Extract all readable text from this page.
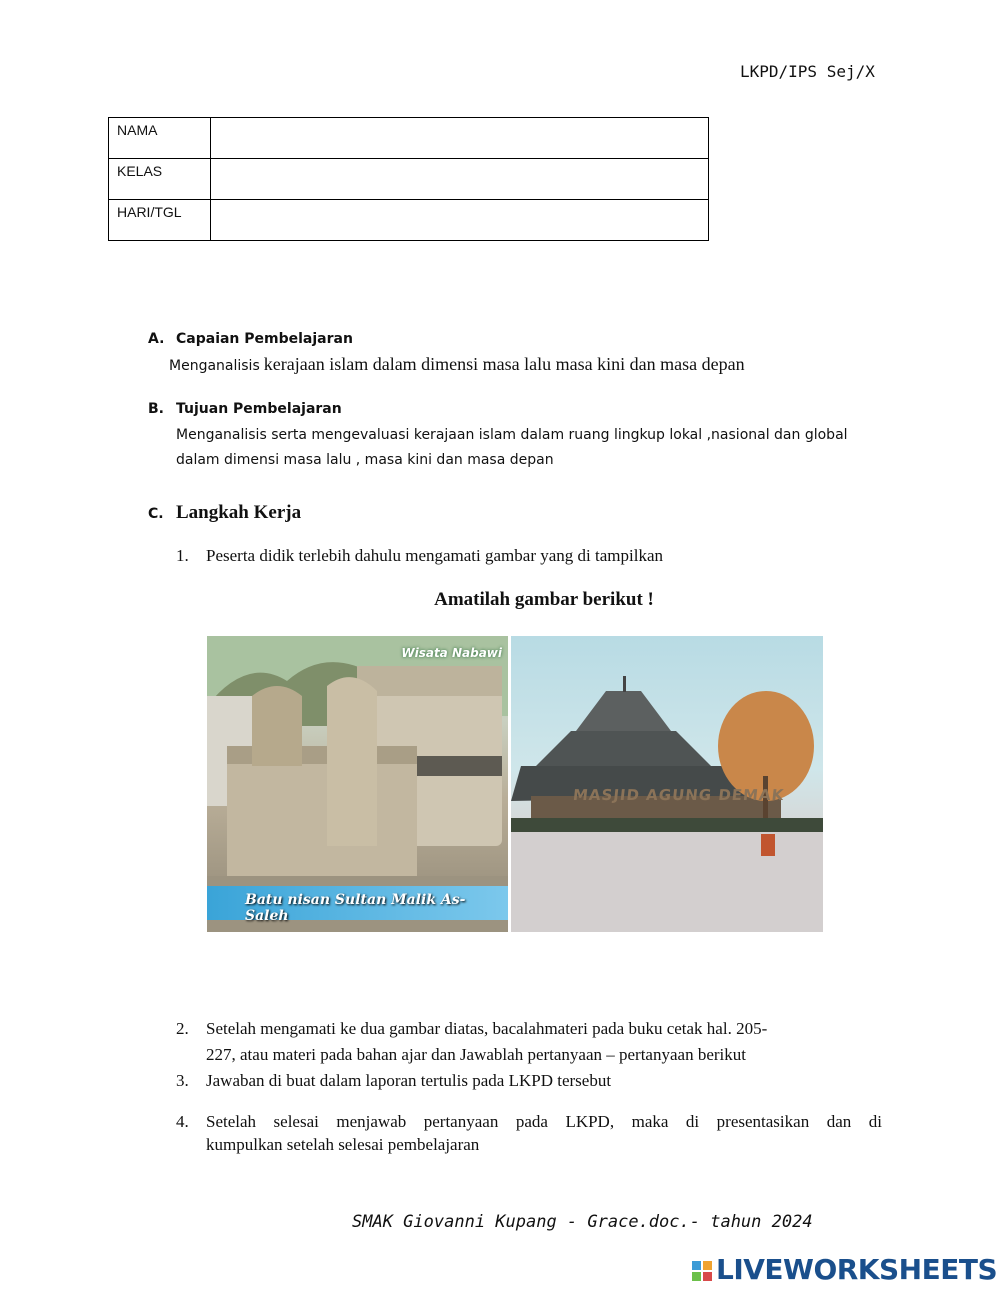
LKPD/IPS Sej/X
NAMA	
KELAS	
HARI/TGL	
A. Capaian Pembelajaran
Menganalisis kerajaan islam dalam dimensi masa lalu masa kini dan masa depan
B. Tujuan Pembelajaran
Menganalisis serta mengevaluasi kerajaan islam dalam ruang lingkup lokal ,nasional dan global
dalam dimensi masa lalu , masa kini dan masa depan
C. Langkah Kerja
1. Peserta didik terlebih dahulu mengamati gambar yang di tampilkan
Amatilah gambar berikut !
Wisata Nabawi
Batu nisan Sultan Malik As-Saleh
MASJID AGUNG DEMAK
2. Setelah mengamati ke dua gambar diatas, bacalahmateri pada buku cetak hal. 205-
227, atau materi pada bahan ajar dan Jawablah pertanyaan – pertanyaan berikut
3. Jawaban di buat dalam laporan tertulis pada LKPD tersebut
4.	Setelah selesai menjawab pertanyaan pada LKPD, maka di presentasikan dan di
kumpulkan setelah selesai pembelajaran
SMAK Giovanni Kupang - Grace.doc.- tahun 2024
LIVEWORKSHEETS
